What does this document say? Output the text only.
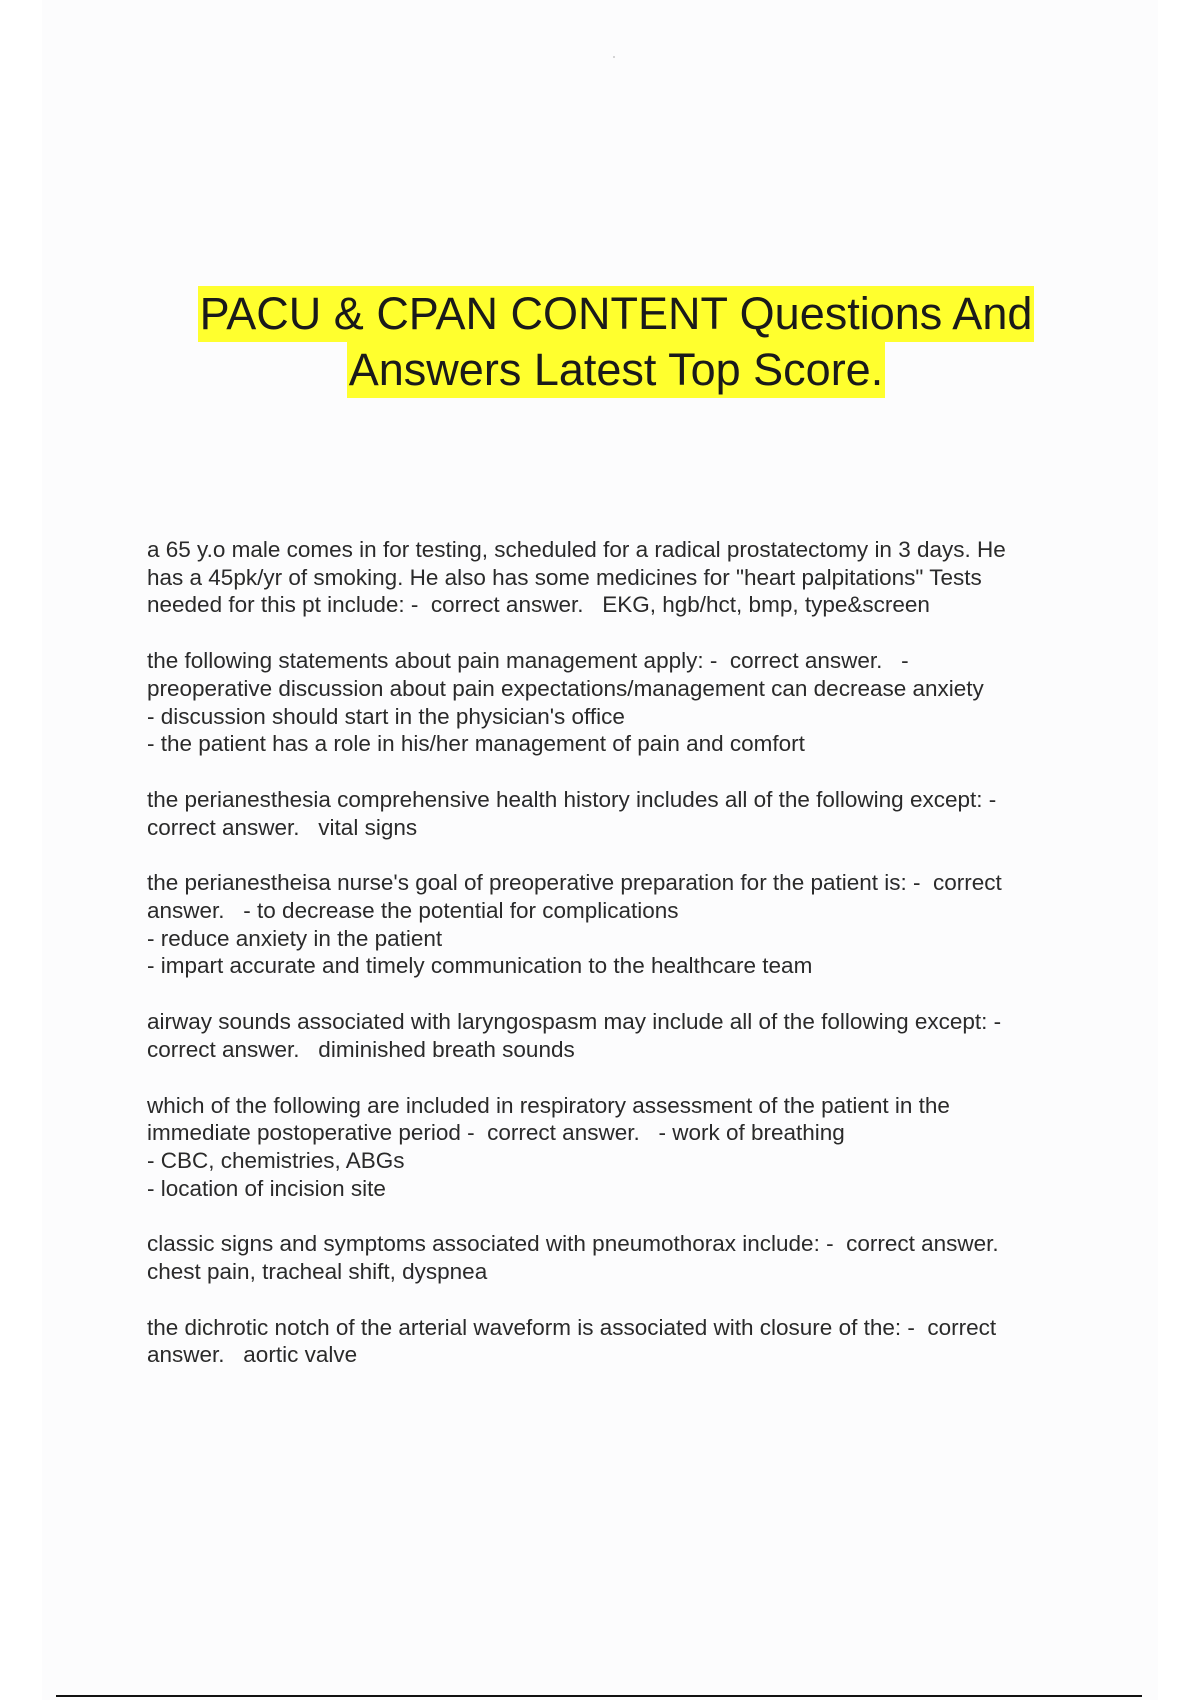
PACU & CPAN CONTENT Questions And
Answers Latest Top Score.
a 65 y.o male comes in for testing, scheduled for a radical prostatectomy in 3 days. He
has a 45pk/yr of smoking. He also has some medicines for "heart palpitations" Tests
needed for this pt include: -  correct answer.   EKG, hgb/hct, bmp, type&screen
the following statements about pain management apply: -  correct answer.   -
preoperative discussion about pain expectations/management can decrease anxiety
- discussion should start in the physician's office
- the patient has a role in his/her management of pain and comfort
the perianesthesia comprehensive health history includes all of the following except: -
correct answer.   vital signs
the perianestheisa nurse's goal of preoperative preparation for the patient is: -  correct
answer.   - to decrease the potential for complications
- reduce anxiety in the patient
- impart accurate and timely communication to the healthcare team
airway sounds associated with laryngospasm may include all of the following except: -
correct answer.   diminished breath sounds
which of the following are included in respiratory assessment of the patient in the
immediate postoperative period -  correct answer.   - work of breathing
- CBC, chemistries, ABGs
- location of incision site
classic signs and symptoms associated with pneumothorax include: -  correct answer.
chest pain, tracheal shift, dyspnea
the dichrotic notch of the arterial waveform is associated with closure of the: -  correct
answer.   aortic valve
